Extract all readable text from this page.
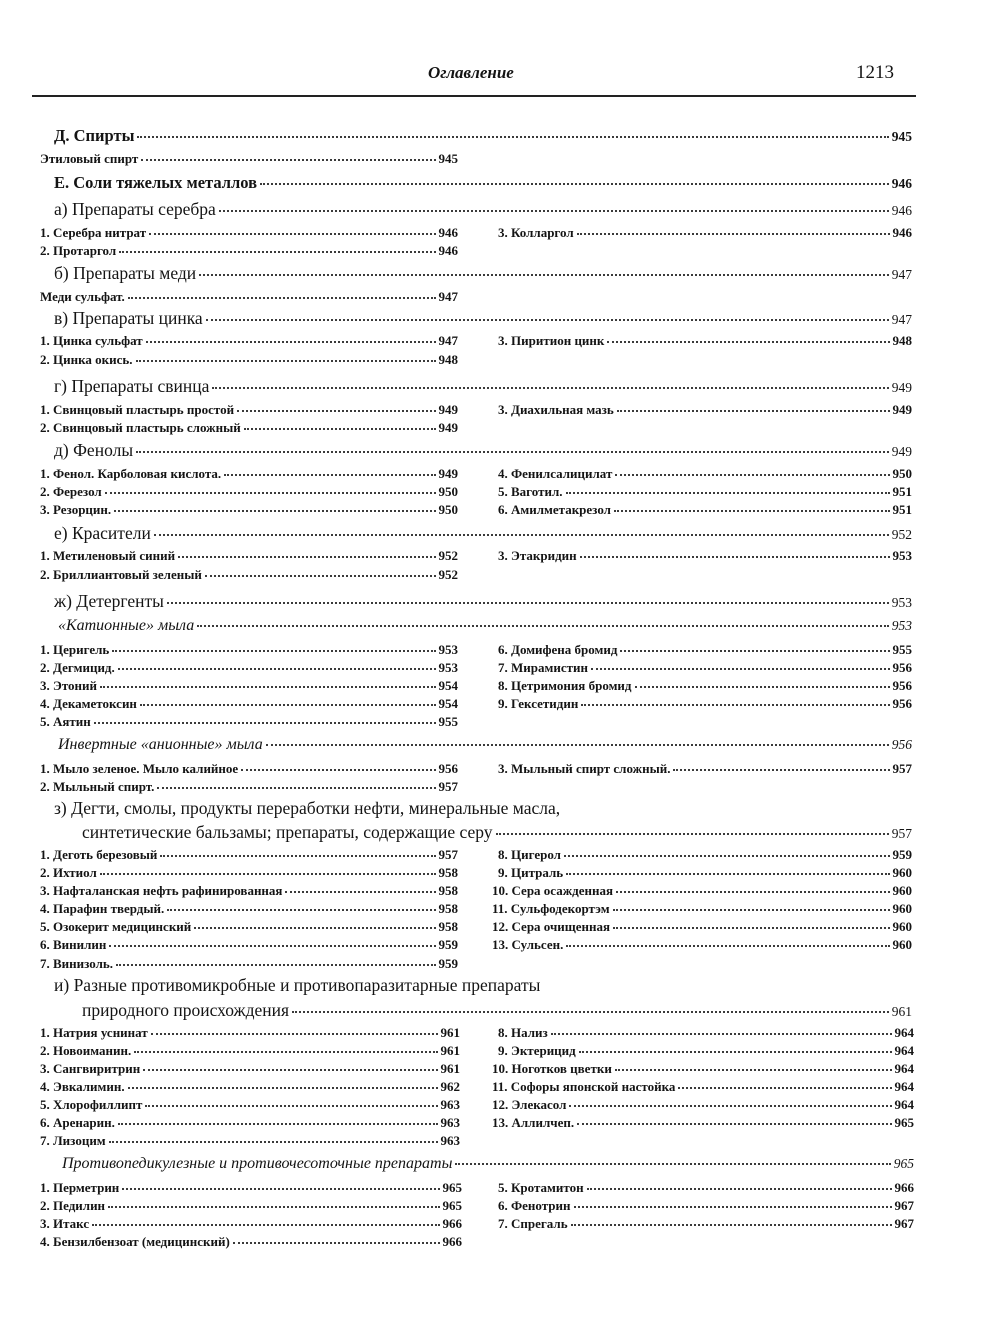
Оглавление	1213
Д. Спирты	945
Этиловый спирт	945
Е. Соли тяжелых металлов	946
а) Препараты серебра	946
1. Серебра нитрат	946
2. Протаргол	946
3. Колларгол	946
б) Препараты меди	947
Меди сульфат.	947
в) Препараты цинка	947
1. Цинка сульфат	947
2. Цинка окись.	948
3. Пиритион цинк	948
г) Препараты свинца	949
1. Свинцовый пластырь простой	949
2. Свинцовый пластырь сложный	949
3. Диахильная мазь	949
д) Фенолы	949
1. Фенол. Карболовая кислота.	949
2. Ферезол	950
3. Резорцин.	950
4. Фенилсалицилат	950
5. Ваготил.	951
6. Амилметакрезол	951
е) Красители	952
1. Метиленовый синий	952
2. Бриллиантовый зеленый	952
3. Этакридин	953
ж) Детергенты	953
«Катионные» мыла	953
1. Церигель	953
2. Дегмицид.	953
3. Этоний	954
4. Декаметоксин	954
5. Аятин	955
6. Домифена бромид	955
7. Мирамистин	956
8. Цетримония бромид	956
9. Гексетидин	956
Инвертные «анионные» мыла	956
1. Мыло зеленое. Мыло калийное	956
2. Мыльный спирт.	957
3. Мыльный спирт сложный.	957
з) Дегти, смолы, продукты переработки нефти, минеральные масла,
синтетические бальзамы; препараты, содержащие серу	957
1. Деготь березовый	957
2. Ихтиол	958
3. Нафталанская нефть рафинированная	958
4. Парафин твердый.	958
5. Озокерит медицинский	958
6. Винилин	959
7. Винизоль.	959
8. Цигерол	959
9. Цитраль	960
10. Сера осажденная	960
11. Сульфодекортэм	960
12. Сера очищенная	960
13. Сульсен.	960
и) Разные противомикробные и противопаразитарные препараты
природного происхождения	961
1. Натрия уснинат	961
2. Новоиманин.	961
3. Сангвиритрин	961
4. Эвкалимин.	962
5. Хлорофиллипт	963
6. Аренарин.	963
7. Лизоцим	963
8. Нализ	964
9. Эктерицид	964
10. Ноготков цветки	964
11. Софоры японской настойка	964
12. Элекасол	964
13. Аллилчеп.	965
Противопедикулезные и противочесоточные препараты	965
1. Перметрин	965
2. Педилин	965
3. Итакс	966
4. Бензилбензоат (медицинский)	966
5. Кротамитон	966
6. Фенотрин	967
7. Спрегаль	967
